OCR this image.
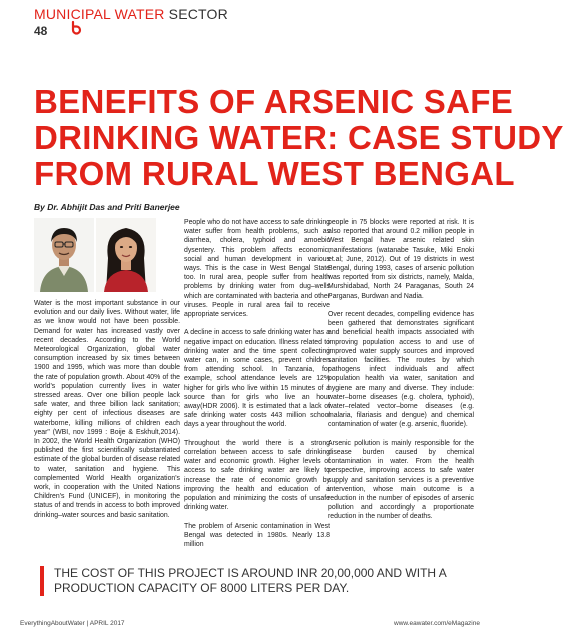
MUNICIPAL WATER SECTOR
48
BENEFITS OF ARSENIC SAFE
DRINKING WATER: CASE STUDY
FROM RURAL WEST BENGAL
By Dr. Abhijit Das and Priti Banerjee

Water is the most important substance in our evolution and our daily lives. Without water, life as we know would not have been possible. Demand for water has increased vastly over recent decades. According to the World Meteorological Organization, global water consumption increased by six times between 1900 and 1995, which was more than double the rate of population growth. About 40% of the world's population currently lives in water stressed areas. Over one billion people lack safe water, and three billion lack sanitation; eighty per cent of infectious diseases are waterborne, killing millions of children each year" (WBI, nov 1999 : Boije & Eskhult,2014). In 2002, the World Health Organization (WHO) published the first scientifically substantiated estimate of the global burden of disease related to water, sanitation and hygiene. This complemented World Health organization's work, in cooperation with the United Nations Children's Fund (UNICEF), in monitoring the status of and trends in access to both improved drinking–water sources and basic sanitation.

People who do not have access to safe drinking water suffer from health problems, such as diarrhea, cholera, typhoid and amoebic dysentery. This problem affects economic, social and human development in various ways. This is the case in West Bengal State too. In rural area, people suffer from health problems by drinking water from dug–wells which are contaminated with bacteria and other viruses. People in rural area fail to receive appropriate services.

A decline in access to safe drinking water has a negative impact on education. Illness related to drinking water and the time spent collecting water can, in some cases, prevent children from attending school. In Tanzania, for example, school attendance levels are 12% higher for girls who live within 15 minutes of a source than for girls who live an hour away(HDR 2006). It is estimated that a lack of safe drinking water costs 443 million school days a year throughout the world.

Throughout the world there is a strong correlation between access to safe drinking water and economic growth. Higher levels of access to safe drinking water are likely to increase the rate of economic growth by improving the health and education of a population and minimizing the costs of unsafe drinking water.

The problem of Arsenic contamination in West Bengal was detected in 1980s. Nearly 13.8 million

people in 75 blocks were reported at risk. It is also reported that around 0.2 million people in West Bengal have arsenic related skin manifestations (watanabe Tasuke, Miki Enoki et.al; June, 2012). Out of 19 districts in west Bengal, during 1993, cases of arsenic pollution was reported from six districts, namely, Malda, Murshidabad, North 24 Paraganas, South 24 Parganas, Burdwan and Nadia.

Over recent decades, compelling evidence has been gathered that demonstrates significant and beneficial health impacts associated with improving population access to and use of improved water supply sources and improved sanitation facilities. The routes by which pathogens infect individuals and affect population health via water, sanitation and hygiene are many and diverse. They include: water–borne diseases (e.g. cholera, typhoid), water–related vector–borne diseases (e.g. malaria, filariasis and dengue) and chemical contamination of water (e.g. arsenic, fluoride).

Arsenic pollution is mainly responsible for the disease burden caused by chemical contamination in water. From the health perspective, improving access to safe water supply and sanitation services is a preventive intervention, whose main outcome is a reduction in the number of episodes of arsenic pollution and accordingly a proportionate reduction in the number of deaths.

THE COST OF THIS PROJECT IS AROUND INR 20,00,000 AND WITH A PRODUCTION CAPACITY OF 8000 LITERS PER DAY.
EverythingAboutWater | APRIL 2017	www.eawater.com/eMagazine
